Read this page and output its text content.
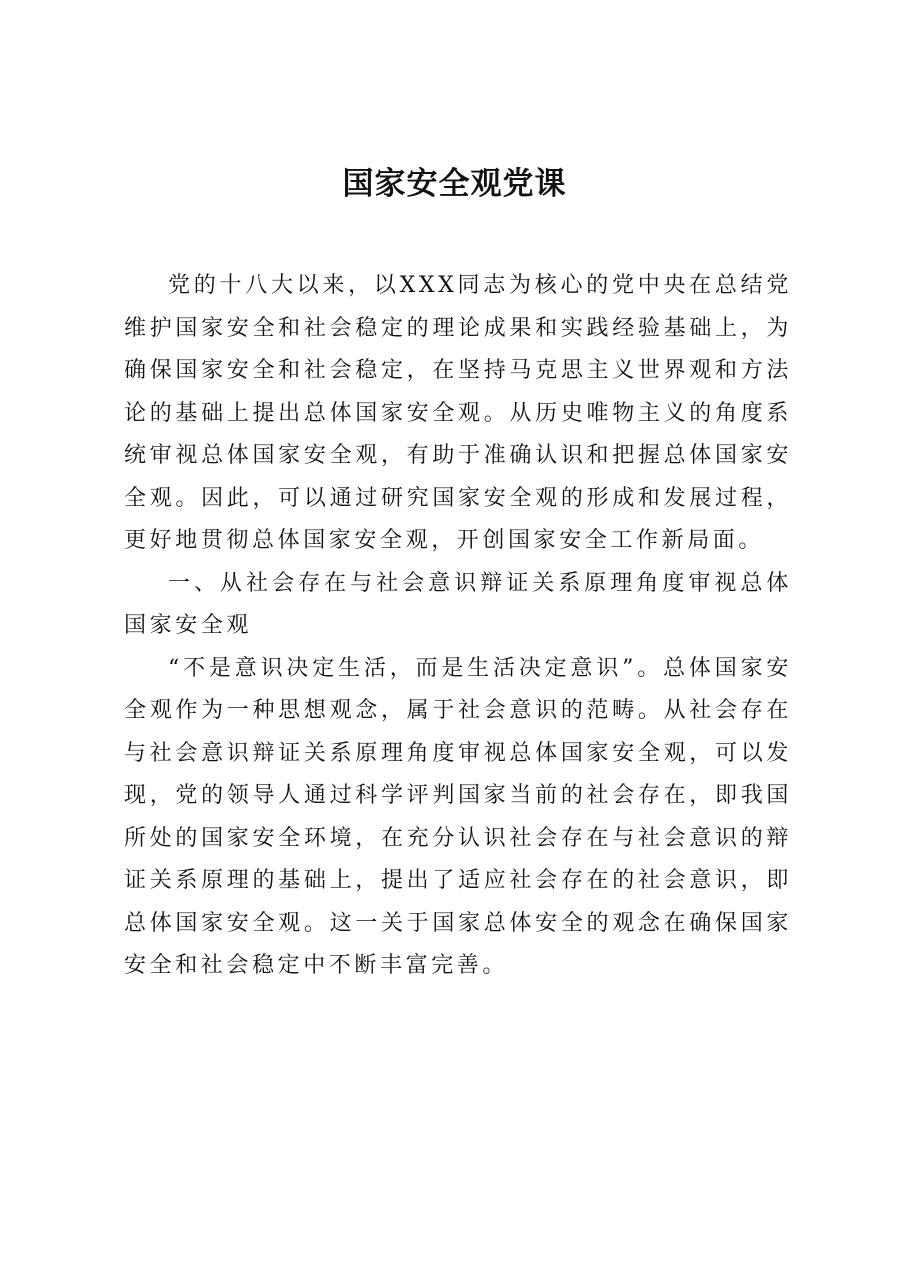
国家安全观党课

党的十八大以来，以XXX同志为核心的党中央在总结党维护国家安全和社会稳定的理论成果和实践经验基础上，为确保国家安全和社会稳定，在坚持马克思主义世界观和方法论的基础上提出总体国家安全观。从历史唯物主义的角度系统审视总体国家安全观，有助于准确认识和把握总体国家安全观。因此，可以通过研究国家安全观的形成和发展过程，更好地贯彻总体国家安全观，开创国家安全工作新局面。

一、从社会存在与社会意识辩证关系原理角度审视总体国家安全观

“不是意识决定生活，而是生活决定意识”。总体国家安全观作为一种思想观念，属于社会意识的范畴。从社会存在与社会意识辩证关系原理角度审视总体国家安全观，可以发现，党的领导人通过科学评判国家当前的社会存在，即我国所处的国家安全环境，在充分认识社会存在与社会意识的辩证关系原理的基础上，提出了适应社会存在的社会意识，即总体国家安全观。这一关于国家总体安全的观念在确保国家安全和社会稳定中不断丰富完善。
